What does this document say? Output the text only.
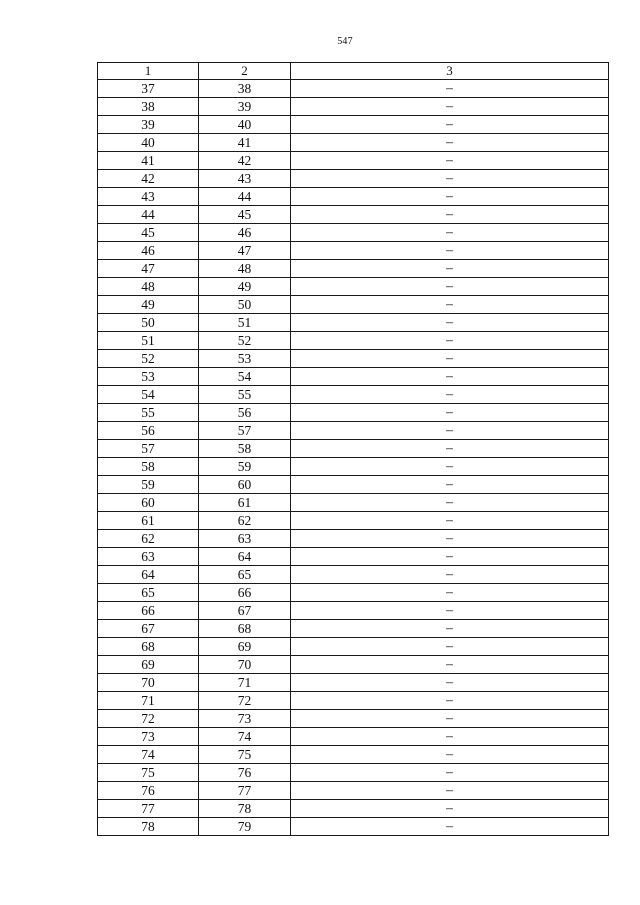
547
1	2	3
37	38	–
38	39	–
39	40	–
40	41	–
41	42	–
42	43	–
43	44	–
44	45	–
45	46	–
46	47	–
47	48	–
48	49	–
49	50	–
50	51	–
51	52	–
52	53	–
53	54	–
54	55	–
55	56	–
56	57	–
57	58	–
58	59	–
59	60	–
60	61	–
61	62	–
62	63	–
63	64	–
64	65	–
65	66	–
66	67	–
67	68	–
68	69	–
69	70	–
70	71	–
71	72	–
72	73	–
73	74	–
74	75	–
75	76	–
76	77	–
77	78	–
78	79	–
